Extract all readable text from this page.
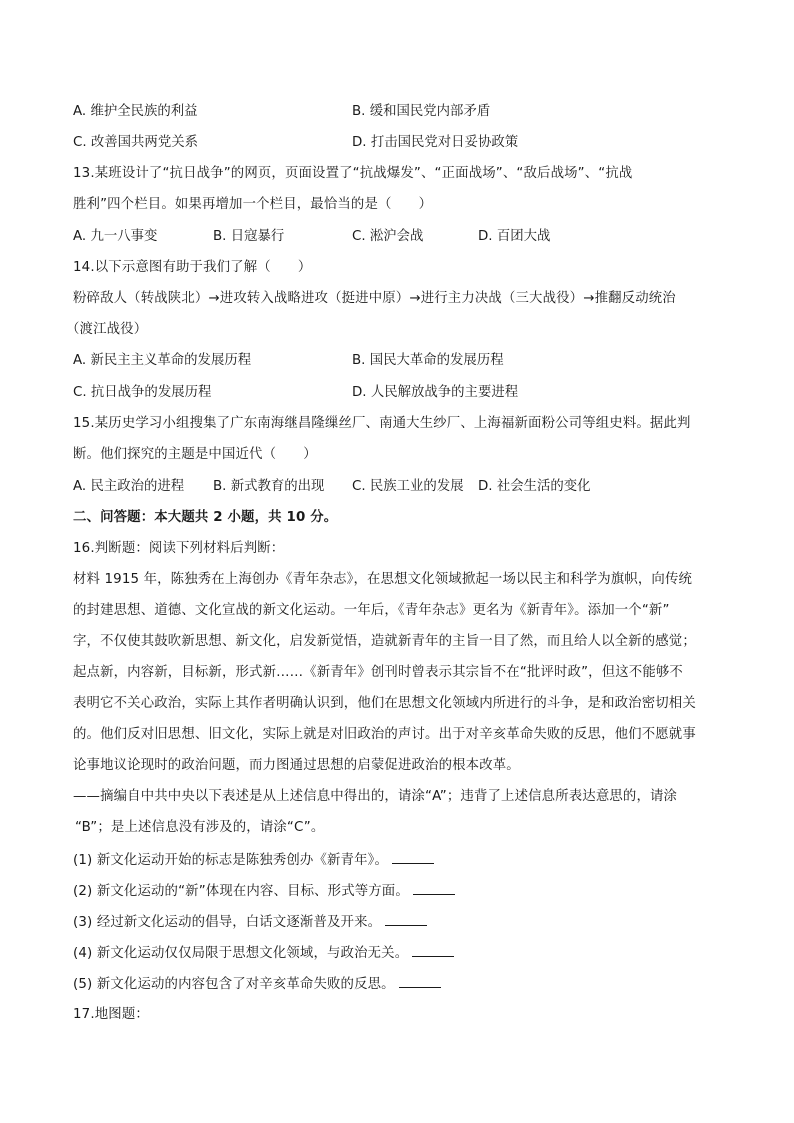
A. 维护全民族的利益	B. 缓和国民党内部矛盾
C. 改善国共两党关系	D. 打击国民党对日妥协政策
13.某班设计了“抗日战争”的网页，页面设置了“抗战爆发”、“正面战场”、“敌后战场”、“抗战
胜利”四个栏目。如果再增加一个栏目，最恰当的是（　　）
A. 九一八事变	B. 日寇暴行	C. 淞沪会战	D. 百团大战
14.以下示意图有助于我们了解（　　）
粉碎敌人（转战陕北）→进攻转入战略进攻（挺进中原）→进行主力决战（三大战役）→推翻反动统治
（渡江战役）
A. 新民主主义革命的发展历程	B. 国民大革命的发展历程
C. 抗日战争的发展历程	D. 人民解放战争的主要进程
15.某历史学习小组搜集了广东南海继昌隆缫丝厂、南通大生纱厂、上海福新面粉公司等组史料。据此判
断。他们探究的主题是中国近代（　　）
A. 民主政治的进程 B. 新式教育的出现 C. 民族工业的发展 D. 社会生活的变化
二、问答题：本大题共 2 小题，共 10 分。
16.判断题：阅读下列材料后判断：
材料 1915 年，陈独秀在上海创办《青年杂志》，在思想文化领域掀起一场以民主和科学为旗帜，向传统
的封建思想、道德、文化宣战的新文化运动。一年后，《青年杂志》更名为《新青年》。添加一个“新”
字，不仅使其鼓吹新思想、新文化，启发新觉悟，造就新青年的主旨一目了然，而且给人以全新的感觉；
起点新，内容新，目标新，形式新……《新青年》创刊时曾表示其宗旨不在“批评时政”，但这不能够不
表明它不关心政治，实际上其作者明确认识到，他们在思想文化领域内所进行的斗争，是和政治密切相关
的。他们反对旧思想、旧文化，实际上就是对旧政治的声讨。出于对辛亥革命失败的反思，他们不愿就事
论事地议论现时的政治问题，而力图通过思想的启蒙促进政治的根本改革。
——摘编自中共中央以下表述是从上述信息中得出的，请涂“A”；违背了上述信息所表达意思的，请涂
“B”；是上述信息没有涉及的，请涂“C”。
(1) 新文化运动开始的标志是陈独秀创办《新青年》。
(2) 新文化运动的“新”体现在内容、目标、形式等方面。
(3) 经过新文化运动的倡导，白话文逐渐普及开来。
(4) 新文化运动仅仅局限于思想文化领域，与政治无关。
(5) 新文化运动的内容包含了对辛亥革命失败的反思。
17.地图题：
